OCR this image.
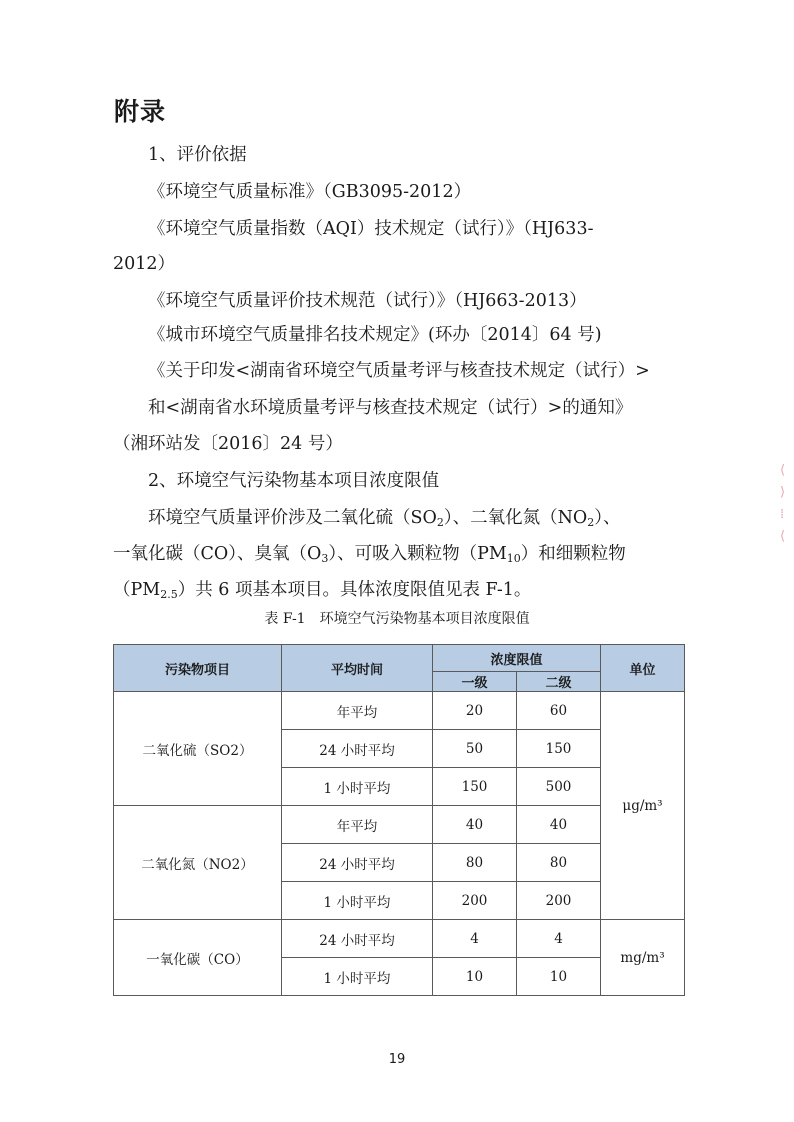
附录
1、评价依据
《环境空气质量标准》（GB3095-2012）
《环境空气质量指数（AQI）技术规定（试行）》（HJ633-
2012）
《环境空气质量评价技术规范（试行）》（HJ663-2013）
《城市环境空气质量排名技术规定》(环办〔2014〕64 号)
《关于印发<湖南省环境空气质量考评与核查技术规定（试行）>
和<湖南省水环境质量考评与核查技术规定（试行）>的通知》
（湘环站发〔2016〕24 号）
2、环境空气污染物基本项目浓度限值
环境空气质量评价涉及二氧化硫$(SO_2)$、二氧化氮$(NO_2)$、
一氧化碳（CO）、臭氧$(O_3)$、可吸入颗粒物$(PM_{10})$和细颗粒物
$(PM_{2.5})$共 6 项基本项目。具体浓度限值见表 F-1。
表 F-1　环境空气污染物基本项目浓度限值
污染物项目	平均时间	浓度限值		单位
		一级	二级	
二氧化硫（SO2）	年平均	20	60	μg/m³
	24 小时平均	50	150	
	1 小时平均	150	500	
二氧化氮（NO2）	年平均	40	40	
	24 小时平均	80	80	
	1 小时平均	200	200	
一氧化碳（CO）	24 小时平均	4	4	mg/m³
	1 小时平均	10	10	
⟨
⟩
⁞
⟨
19
